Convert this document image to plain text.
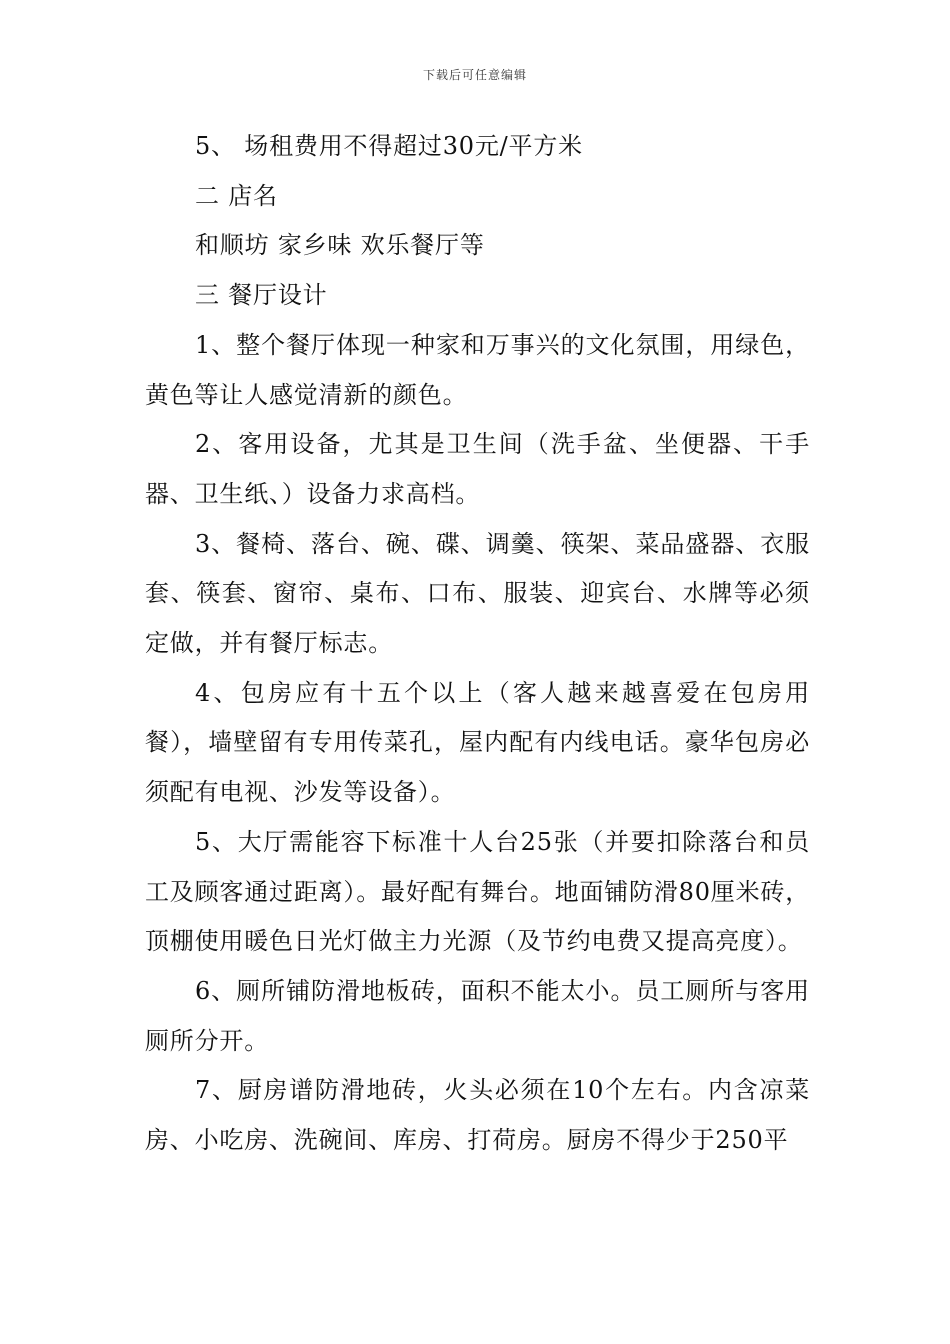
下载后可任意编辑

5、 场租费用不得超过30元/平方米

二 店名

和顺坊 家乡味 欢乐餐厅等

三 餐厅设计

1、整个餐厅体现一种家和万事兴的文化氛围，用绿色，黄色等让人感觉清新的颜色。

2、客用设备，尤其是卫生间（洗手盆、坐便器、干手器、卫生纸、）设备力求高档。

3、餐椅、落台、碗、碟、调羹、筷架、菜品盛器、衣服套、筷套、窗帘、桌布、口布、服装、迎宾台、水牌等必须定做，并有餐厅标志。

4、包房应有十五个以上（客人越来越喜爱在包房用餐），墙壁留有专用传菜孔，屋内配有内线电话。豪华包房必须配有电视、沙发等设备）。

5、大厅需能容下标准十人台25张（并要扣除落台和员工及顾客通过距离）。最好配有舞台。地面铺防滑80厘米砖，顶棚使用暖色日光灯做主力光源（及节约电费又提高亮度）。

6、厕所铺防滑地板砖，面积不能太小。员工厕所与客用厕所分开。

7、厨房谱防滑地砖，火头必须在10个左右。内含凉菜房、小吃房、洗碗间、库房、打荷房。厨房不得少于250平
